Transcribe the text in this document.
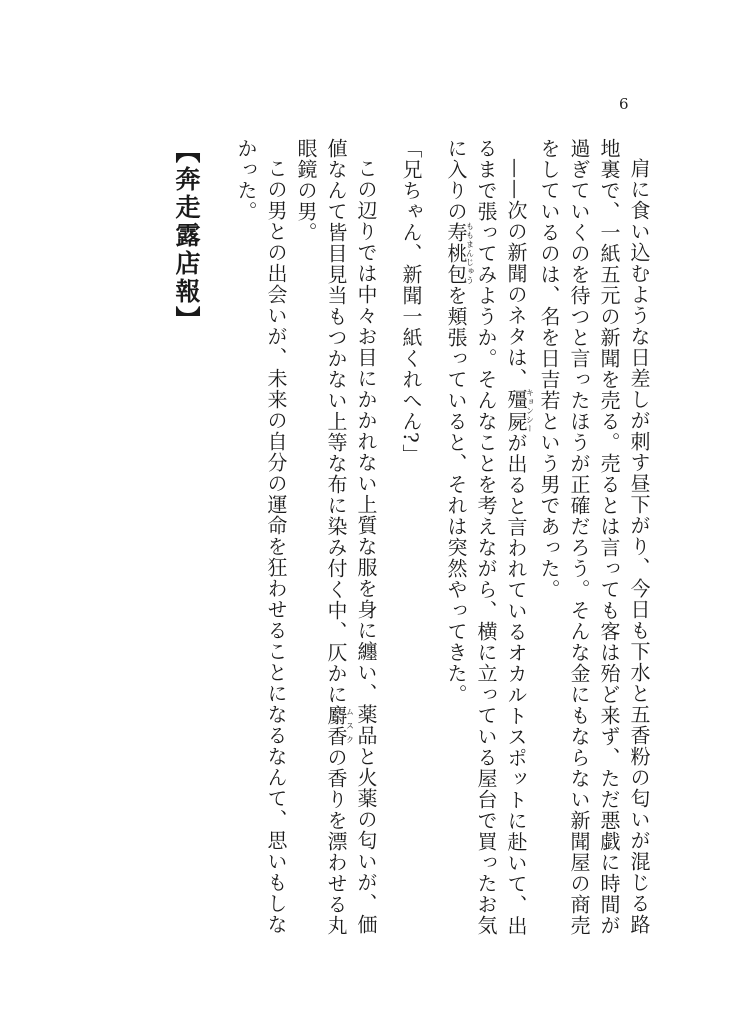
6

肩に食い込むような日差しが刺す昼下がり、今日も下水と五香粉の匂いが混じる路地裏で、一紙五元の新聞を売る。売るとは言っても客は殆ど来ず、ただ悪戯に時間が過ぎていくのを待つと言ったほうが正確だろう。そんな金にもならない新聞屋の商売をしているのは、名を日吉若という男であった。

——次の新聞のネタは、殭屍キョンシーが出ると言われているオカルトスポットに赴いて、出るまで張ってみようか。そんなことを考えながら、横に立っている屋台で買ったお気に入りの寿桃包ももまんじゅうを頬張っていると、それは突然やってきた。

「兄ちゃん、新聞一紙くれへん?」

この辺りでは中々お目にかかれない上質な服を身に纏い、薬品と火薬の匂いが、価値なんて皆目見当もつかない上等な布に染み付く中、仄かに麝香ムスクの香りを漂わせる丸眼鏡の男。

この男との出会いが、未来の自分の運命を狂わせることになるなんて、思いもしなかった。

【奔走露店報】
